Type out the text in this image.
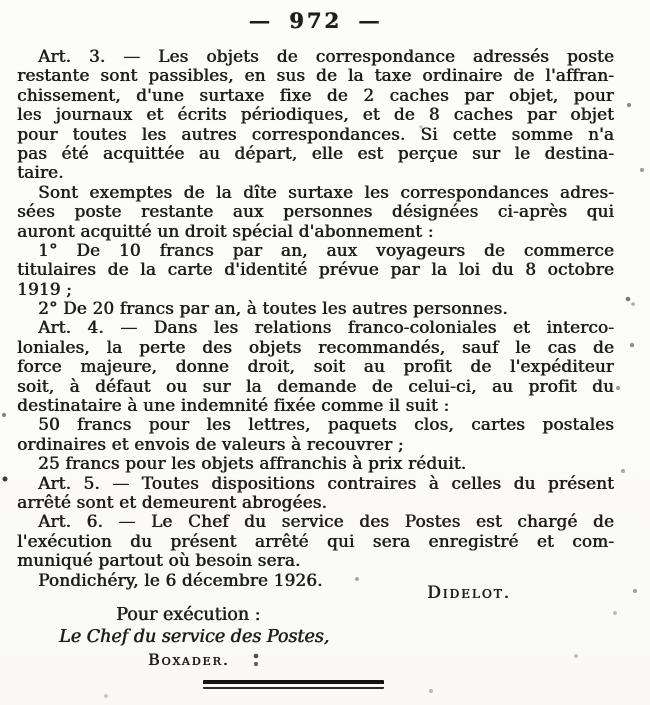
— 972 —
Art. 3. — Les objets de correspondance adressés poste
restante sont passibles, en sus de la taxe ordinaire de l'affran-
chissement, d'une surtaxe fixe de 2 caches par objet, pour
les journaux et écrits périodiques, et de 8 caches par objet
pour toutes les autres correspondances. Si cette somme n'a
pas été acquittée au départ, elle est perçue sur le destina-
taire.
Sont exemptes de la dîte surtaxe les correspondances adres-
sées poste restante aux personnes désignées ci-après qui
auront acquitté un droit spécial d'abonnement :
1° De 10 francs par an, aux voyageurs de commerce
titulaires de la carte d'identité prévue par la loi du 8 octobre
1919 ;
2° De 20 francs par an, à toutes les autres personnes.
Art. 4. — Dans les relations franco-coloniales et interco-
loniales, la perte des objets recommandés, sauf le cas de
force majeure, donne droit, soit au profit de l'expéditeur
soit, à défaut ou sur la demande de celui-ci, au profit du
destinataire à une indemnité fixée comme il suit :
50 francs pour les lettres, paquets clos, cartes postales
ordinaires et envois de valeurs à recouvrer ;
25 francs pour les objets affranchis à prix réduit.
Art. 5. — Toutes dispositions contraires à celles du présent
arrêté sont et demeurent abrogées.
Art. 6. — Le Chef du service des Postes est chargé de
l'exécution du présent arrêté qui sera enregistré et com-
muniqué partout où besoin sera.
Pondichéry, le 6 décembre 1926.
Didelot.
Pour exécution :
Le Chef du service des Postes,
Boxader.
